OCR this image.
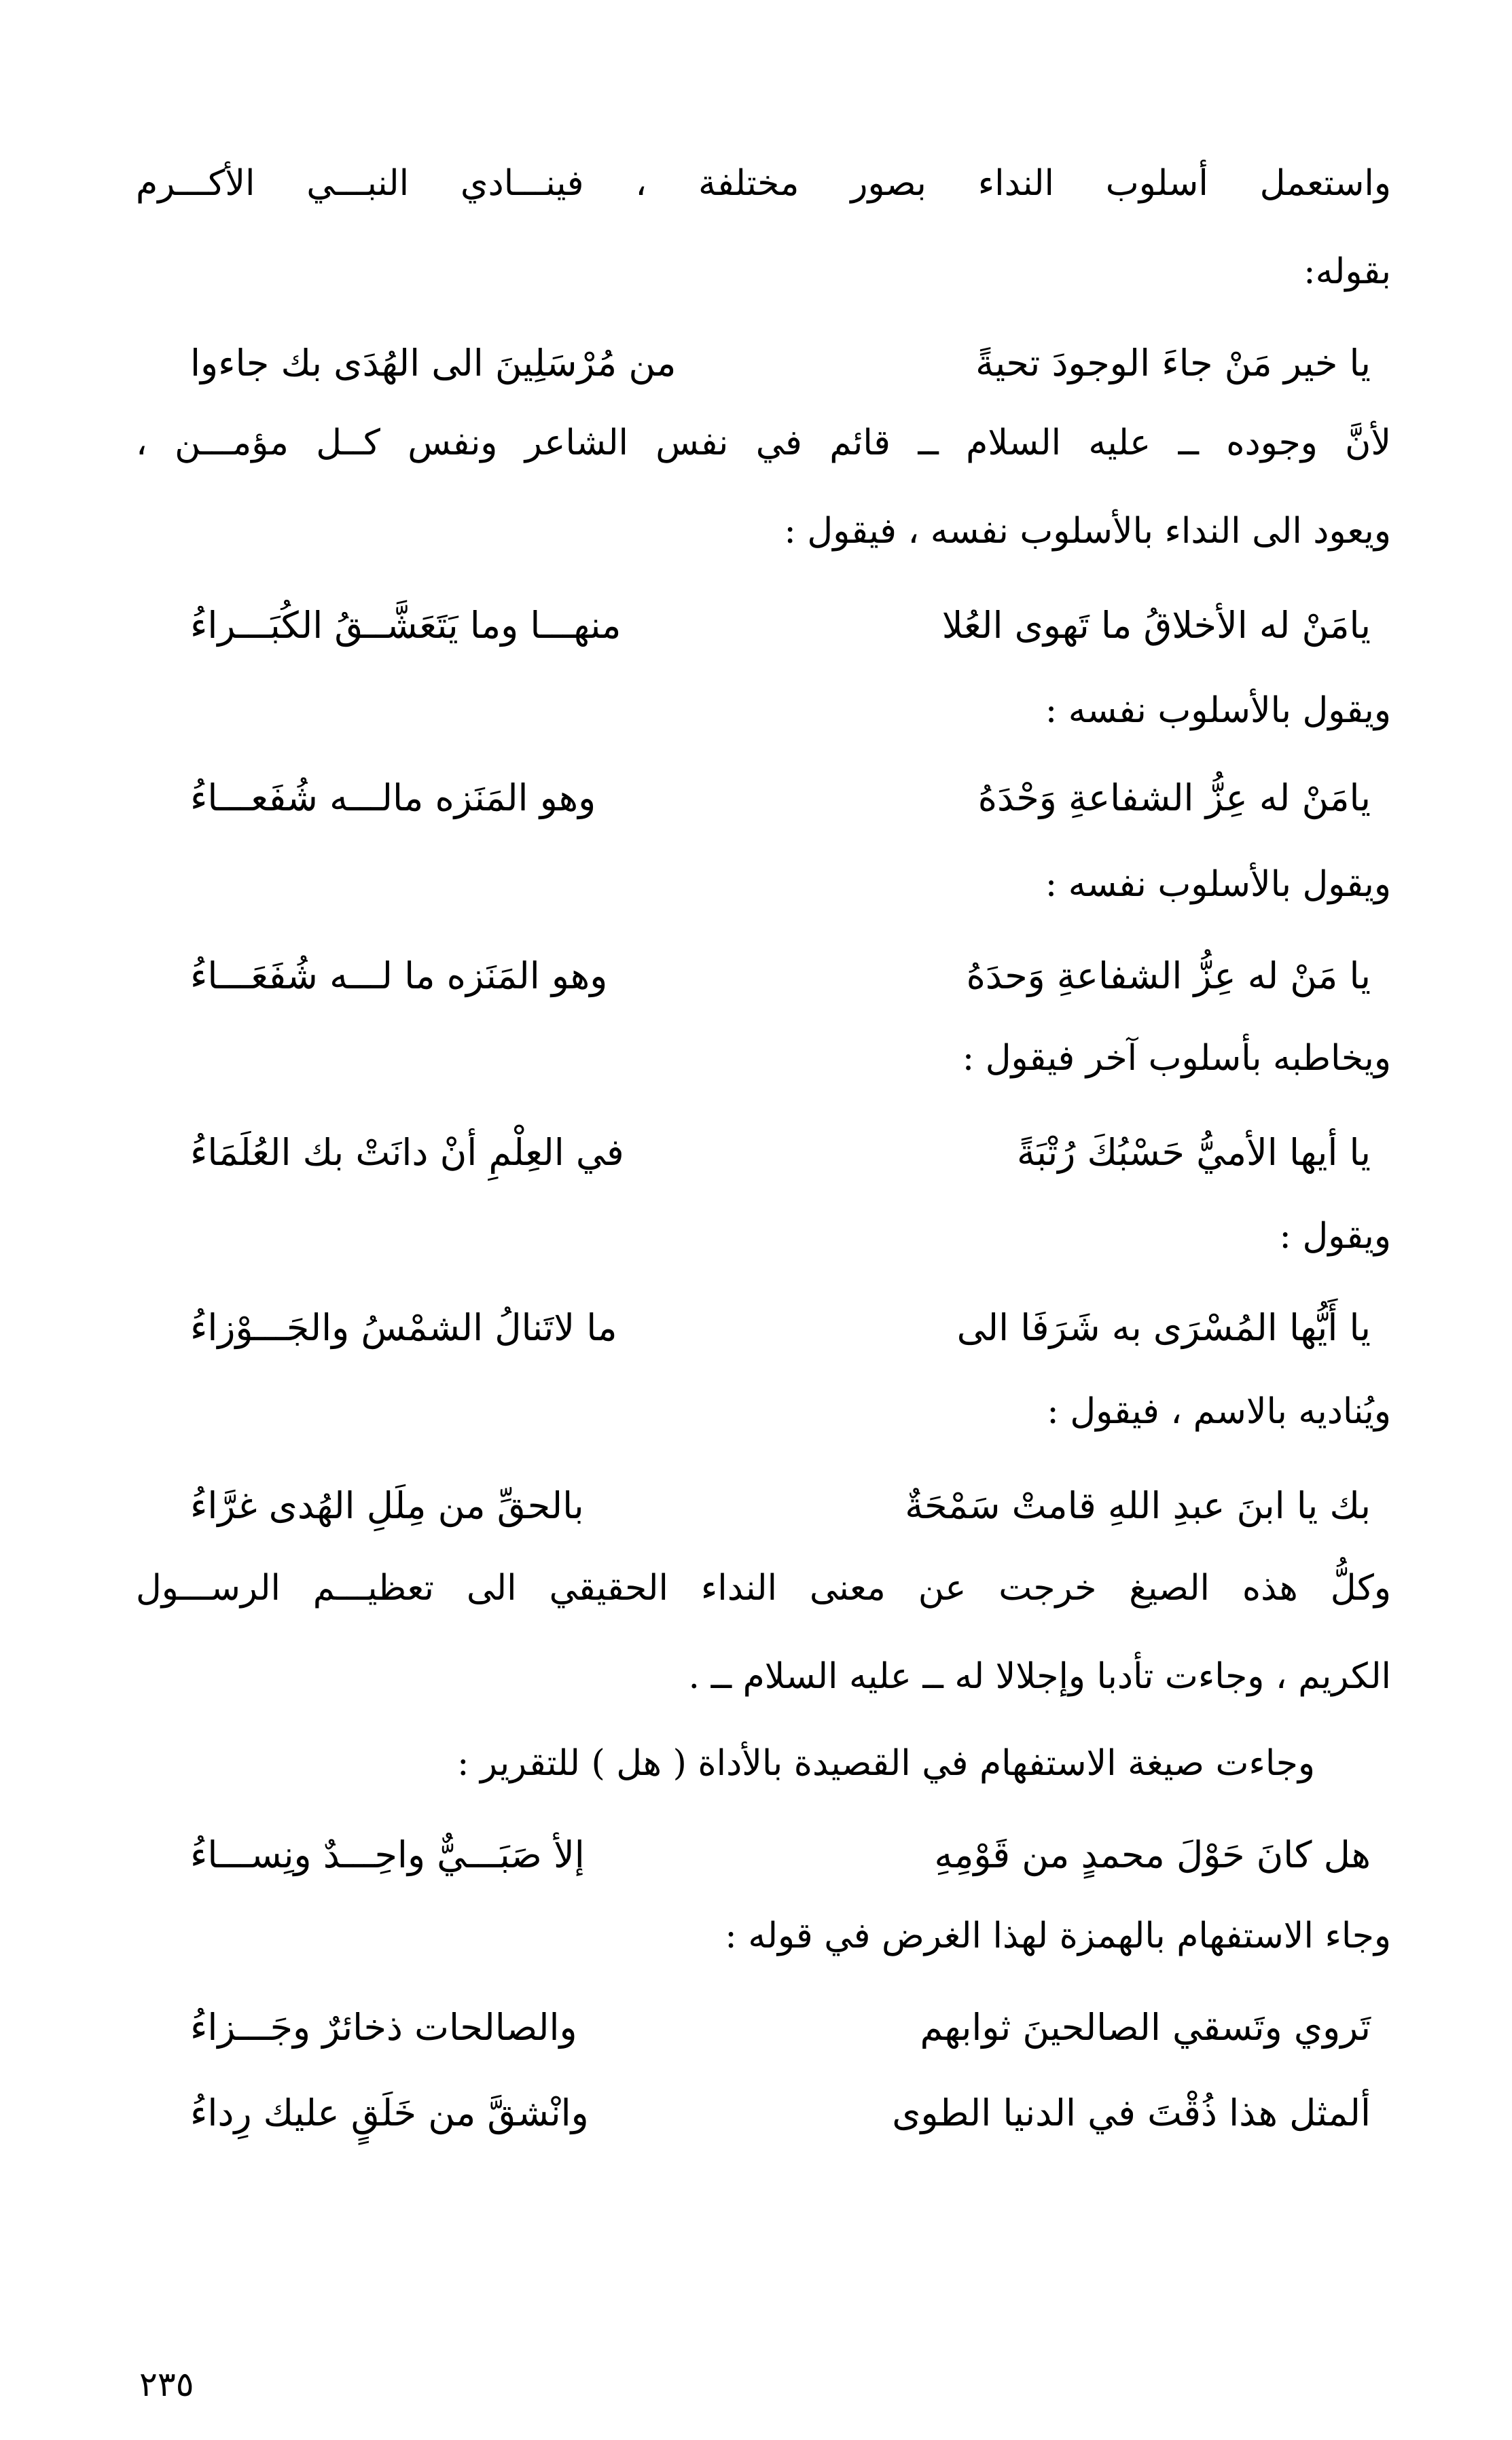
واستعمل أسلوب النداء بصور مختلفة ، فينـــادي النبـــي الأكـــرم
بقوله:
يا خير مَنْ جاءَ الوجودَ تحيةً
من مُرْسَلِينَ الى الهُدَى بك جاءوا
لأنَّ وجوده ــ عليه السلام ــ قائم في نفس الشاعر ونفس كــل مؤمـــن ،
ويعود الى النداء بالأسلوب نفسه ، فيقول :
يامَنْ له الأخلاقُ ما تَهوى العُلا
منهـــا وما يَتَعَشَّــقُ الكُبَـــراءُ
ويقول بالأسلوب نفسه :
يامَنْ له عِزُّ الشفاعةِ وَحْدَهُ
وهو المَنَزه مالـــه شُفَعـــاءُ
ويقول بالأسلوب نفسه :
يا مَنْ له عِزُّ الشفاعةِ وَحدَهُ
وهو المَنَزه ما لـــه شُفَعَـــاءُ
ويخاطبه بأسلوب آخر فيقول :
يا أيها الأميُّ حَسْبُكَ رُتْبَةً
في العِلْمِ أنْ دانَتْ بك العُلَمَاءُ
ويقول :
يا أَيُّها المُسْرَى به شَرَفَا الى
ما لاتَنالُ الشمْسُ والجَـــوْزاءُ
ويُناديه بالاسم ، فيقول :
بك يا ابنَ عبدِ اللهِ قامتْ سَمْحَةٌ
بالحقِّ من مِلَلِ الهُدى غرَّاءُ
وكلُّ هذه الصيغ خرجت عن معنى النداء الحقيقي الى تعظيـــم الرســـول
الكريم ، وجاءت تأدبا وإجلالا له ــ عليه السلام ــ .
وجاءت صيغة الاستفهام في القصيدة بالأداة ( هل ) للتقرير :
هل كانَ حَوْلَ محمدٍ من قَوْمِهِ
إلأ صَبَـــيٌّ واحِـــدٌ ونِســـاءُ
وجاء الاستفهام بالهمزة لهذا الغرض في قوله :
تَروي وتَسقي الصالحينَ ثوابهم
والصالحات ذخائرٌ وجَـــزاءُ
ألمثل هذا ذُقْتَ في الدنيا الطوى
وانْشقَّ من خَلَقٍ عليك رِداءُ
٢٣٥
